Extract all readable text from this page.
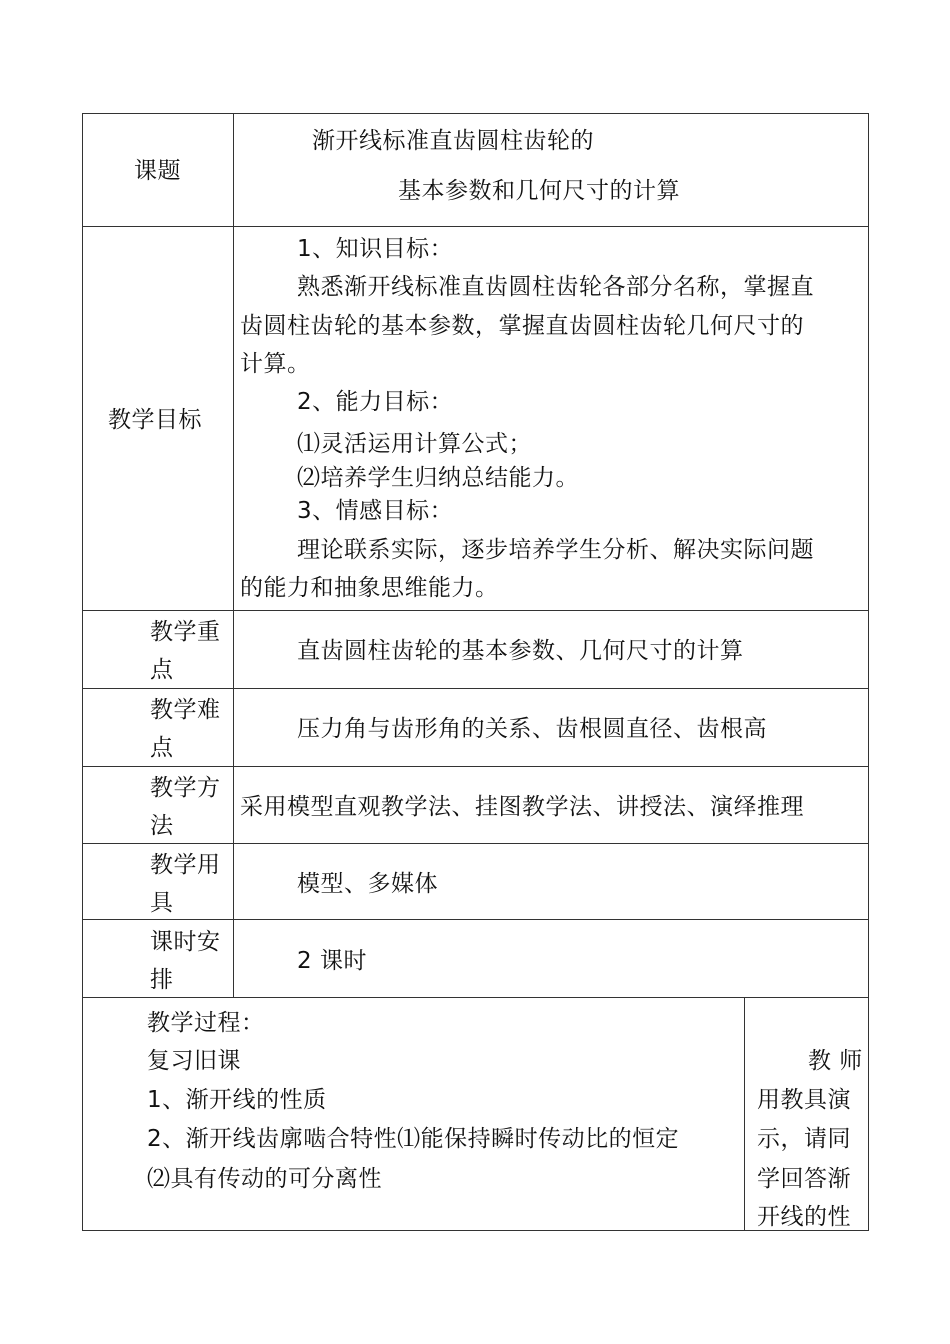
课题
渐开线标准直齿圆柱齿轮的
基本参数和几何尺寸的计算
教学目标
1、知识目标：
熟悉渐开线标准直齿圆柱齿轮各部分名称，掌握直
齿圆柱齿轮的基本参数，掌握直齿圆柱齿轮几何尺寸的
计算。
2、能力目标：
⑴灵活运用计算公式；
⑵培养学生归纳总结能力。
3、情感目标：
理论联系实际，逐步培养学生分析、解决实际问题
的能力和抽象思维能力。
教学重
点
直齿圆柱齿轮的基本参数、几何尺寸的计算
教学难
点
压力角与齿形角的关系、齿根圆直径、齿根高
教学方
法
采用模型直观教学法、挂图教学法、讲授法、演绎推理
教学用
具
模型、多媒体
课时安
排
2 课时
教学过程：
复习旧课
1、渐开线的性质
2、渐开线齿廓啮合特性⑴能保持瞬时传动比的恒定
⑵具有传动的可分离性
教 师
用教具演
示，请同
学回答渐
开线的性
